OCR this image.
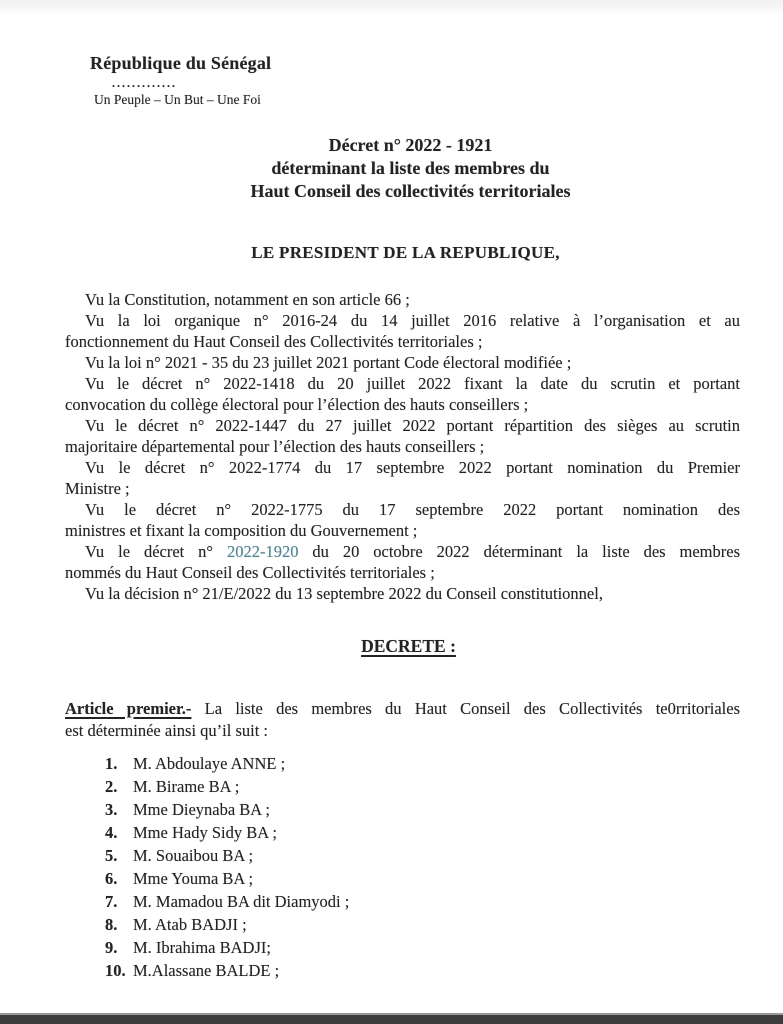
République du Sénégal
.............
Un Peuple – Un But – Une Foi
Décret n° 2022 - 1921
déterminant la liste des membres du
Haut Conseil des collectivités territoriales
LE PRESIDENT DE LA REPUBLIQUE,
Vu la Constitution, notamment en son article 66 ;
Vu la loi organique n° 2016-24 du 14 juillet 2016 relative à l’organisation et au
fonctionnement du Haut Conseil des Collectivités territoriales ;
Vu la loi n° 2021 - 35 du 23 juillet 2021 portant Code électoral modifiée ;
Vu le décret n° 2022-1418 du 20 juillet 2022 fixant la date du scrutin et portant
convocation du collège électoral pour l’élection des hauts conseillers ;
Vu le décret n° 2022-1447 du 27 juillet 2022 portant répartition des sièges au scrutin
majoritaire départemental pour l’élection des hauts conseillers ;
Vu le décret n° 2022-1774 du 17 septembre 2022 portant nomination du Premier
Ministre ;
Vu le décret n° 2022-1775 du 17 septembre 2022 portant nomination des
ministres et fixant la composition du Gouvernement ;
Vu le décret n° 2022-1920 du 20 octobre 2022 déterminant la liste des membres
nommés du Haut Conseil des Collectivités territoriales ;
Vu la décision n° 21/E/2022 du 13 septembre 2022 du Conseil constitutionnel,
DECRETE :
Article premier.- La liste des membres du Haut Conseil des Collectivités te0rritoriales
est déterminée ainsi qu’il suit :
1. M. Abdoulaye ANNE ;
2. M. Birame BA ;
3. Mme Dieynaba BA ;
4. Mme Hady Sidy BA ;
5. M. Souaibou BA ;
6. Mme Youma BA ;
7. M. Mamadou BA dit Diamyodi ;
8. M. Atab BADJI ;
9. M. Ibrahima BADJI;
10. M.Alassane BALDE ;
